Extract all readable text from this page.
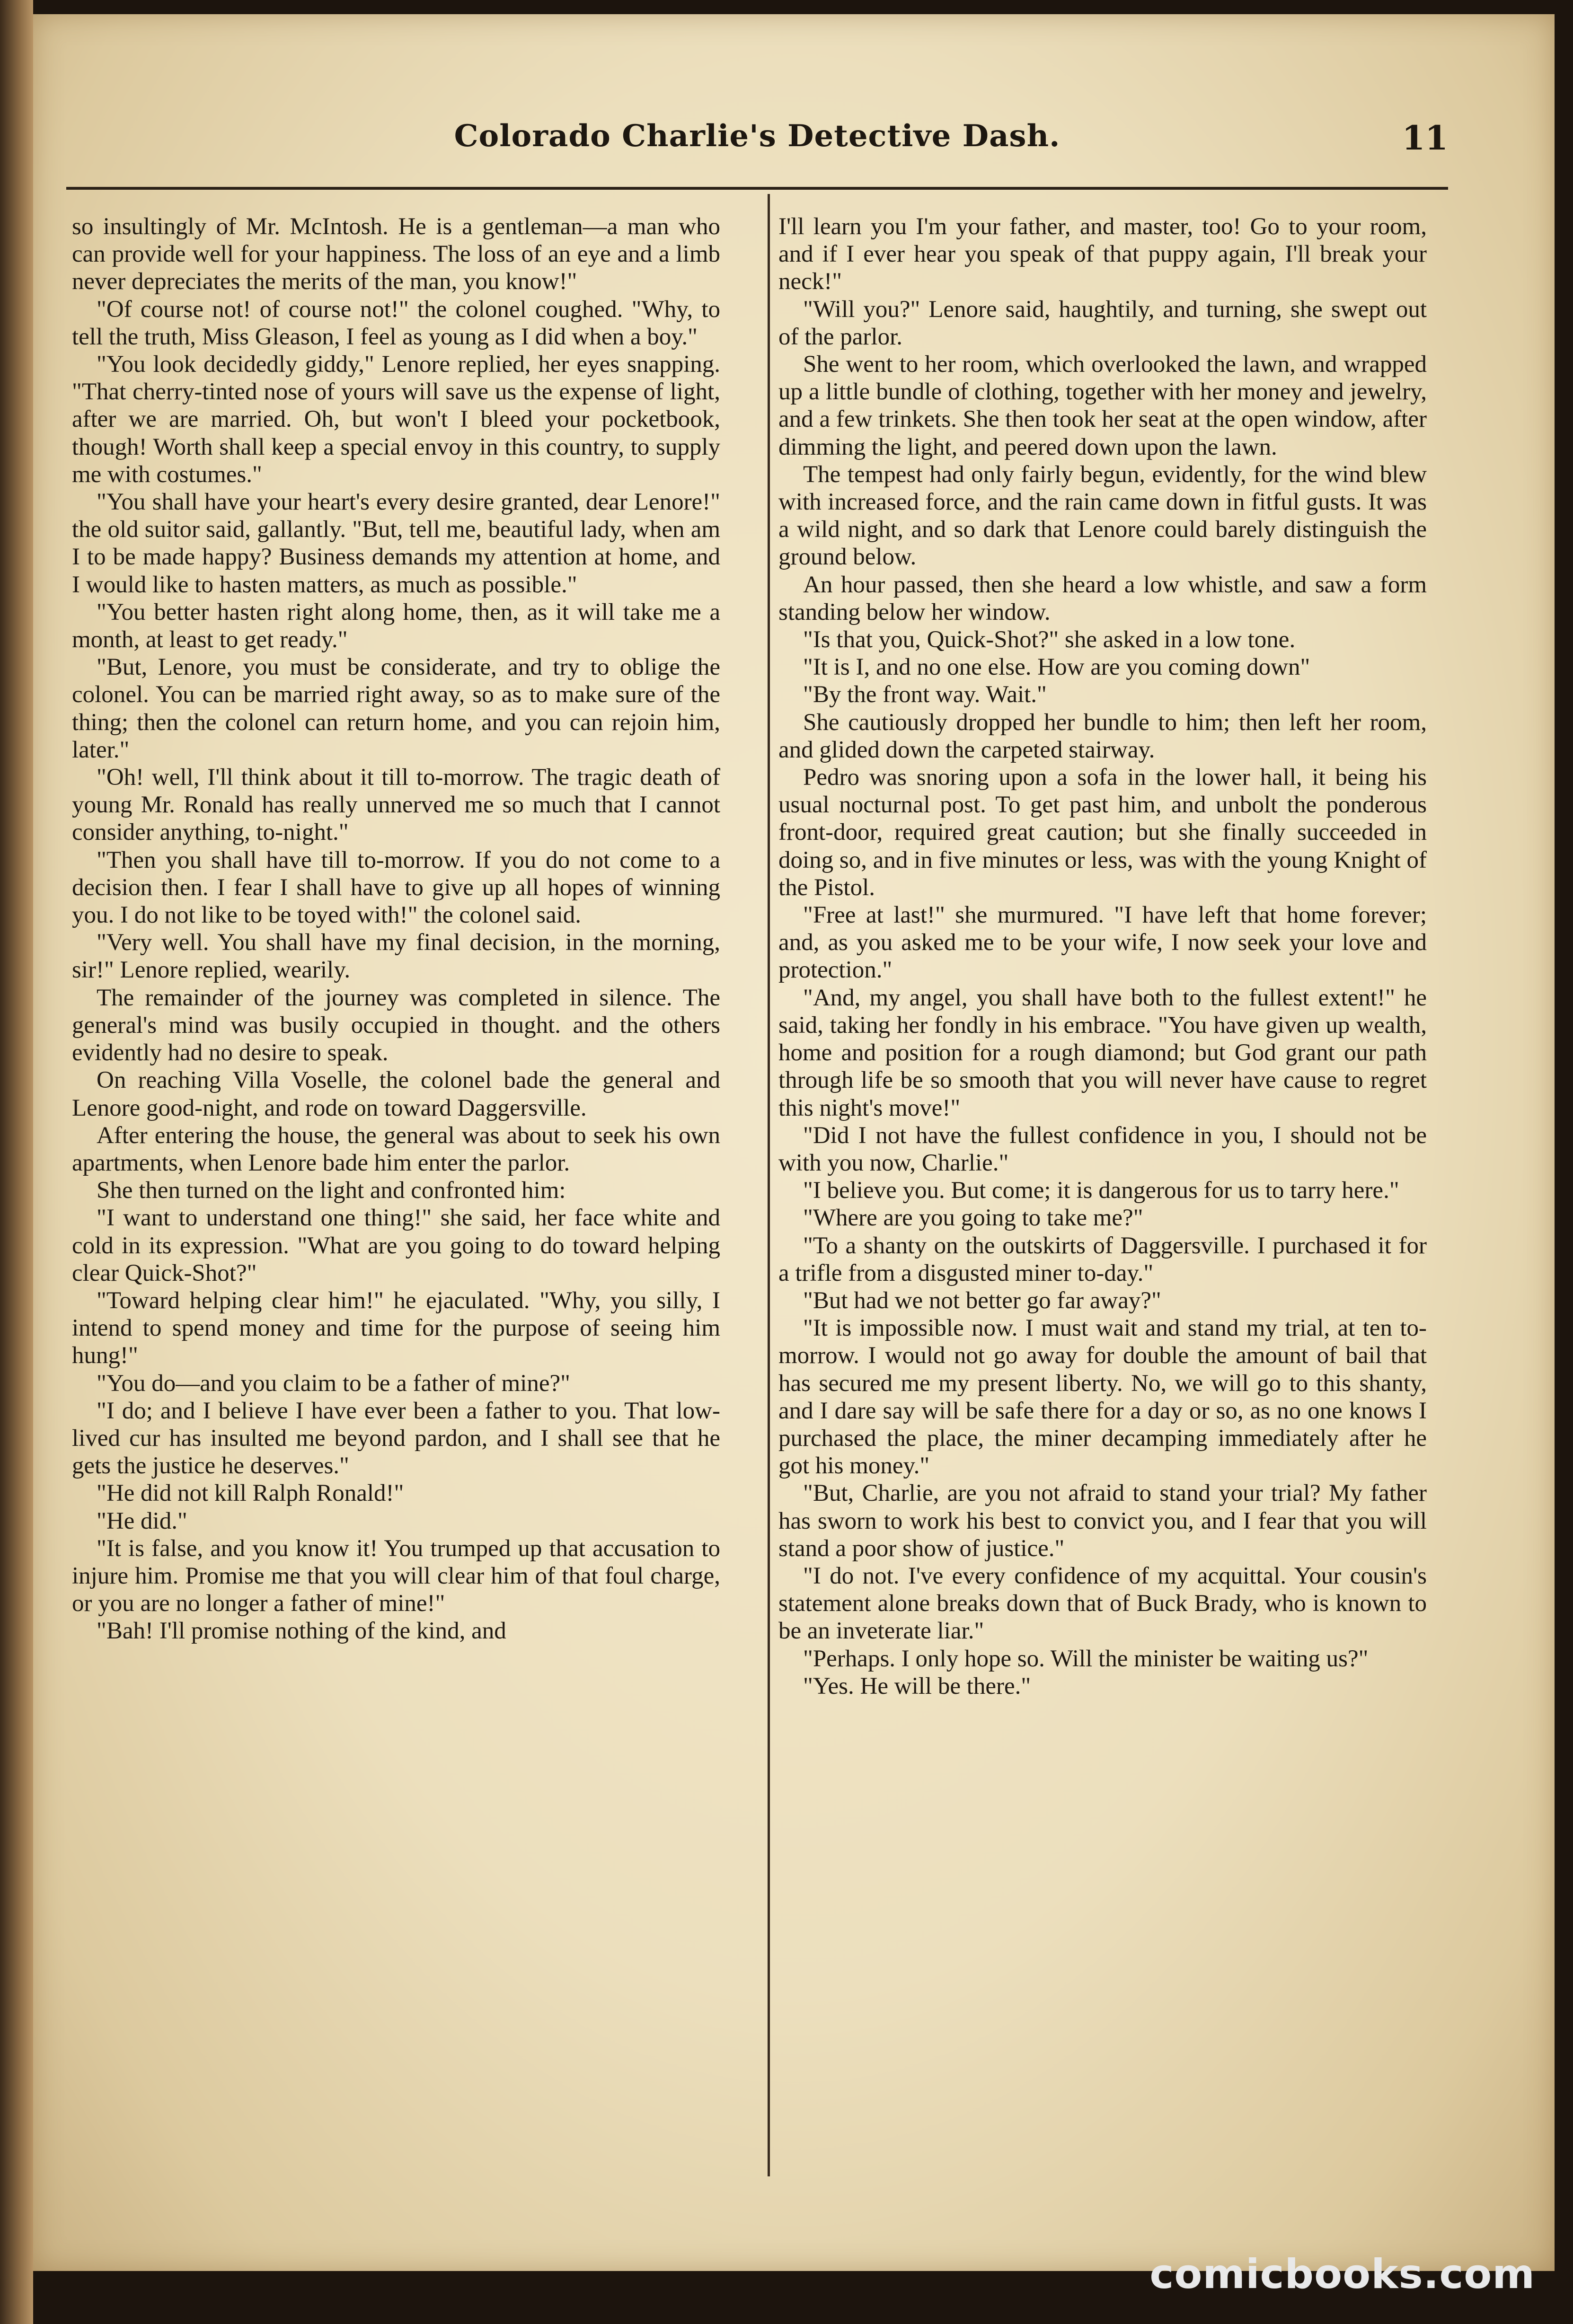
Colorado Charlie's Detective Dash.	11

so insultingly of Mr. McIntosh. He is a gentleman—a man who can provide well for your happiness. The loss of an eye and a limb never depreciates the merits of the man, you know!"

"Of course not! of course not!" the colonel coughed. "Why, to tell the truth, Miss Gleason, I feel as young as I did when a boy."

"You look decidedly giddy," Lenore replied, her eyes snapping. "That cherry-tinted nose of yours will save us the expense of light, after we are married. Oh, but won't I bleed your pocketbook, though! Worth shall keep a special envoy in this country, to supply me with costumes."

"You shall have your heart's every desire granted, dear Lenore!" the old suitor said, gallantly. "But, tell me, beautiful lady, when am I to be made happy? Business demands my attention at home, and I would like to hasten matters, as much as possible."

"You better hasten right along home, then, as it will take me a month, at least to get ready."

"But, Lenore, you must be considerate, and try to oblige the colonel. You can be married right away, so as to make sure of the thing; then the colonel can return home, and you can rejoin him, later."

"Oh! well, I'll think about it till to-morrow. The tragic death of young Mr. Ronald has really unnerved me so much that I cannot consider anything, to-night."

"Then you shall have till to-morrow. If you do not come to a decision then. I fear I shall have to give up all hopes of winning you. I do not like to be toyed with!" the colonel said.

"Very well. You shall have my final decision, in the morning, sir!" Lenore replied, wearily.

The remainder of the journey was completed in silence. The general's mind was busily occupied in thought. and the others evidently had no desire to speak.

On reaching Villa Voselle, the colonel bade the general and Lenore good-night, and rode on toward Daggersville.

After entering the house, the general was about to seek his own apartments, when Lenore bade him enter the parlor.

She then turned on the light and confronted him:

"I want to understand one thing!" she said, her face white and cold in its expression. "What are you going to do toward helping clear Quick-Shot?"

"Toward helping clear him!" he ejaculated. "Why, you silly, I intend to spend money and time for the purpose of seeing him hung!"

"You do—and you claim to be a father of mine?"

"I do; and I believe I have ever been a father to you. That low-lived cur has insulted me beyond pardon, and I shall see that he gets the justice he deserves."

"He did not kill Ralph Ronald!"

"He did."

"It is false, and you know it! You trumped up that accusation to injure him. Promise me that you will clear him of that foul charge, or you are no longer a father of mine!"

"Bah! I'll promise nothing of the kind, and

I'll learn you I'm your father, and master, too! Go to your room, and if I ever hear you speak of that puppy again, I'll break your neck!"

"Will you?" Lenore said, haughtily, and turning, she swept out of the parlor.

She went to her room, which overlooked the lawn, and wrapped up a little bundle of clothing, together with her money and jewelry, and a few trinkets. She then took her seat at the open window, after dimming the light, and peered down upon the lawn.

The tempest had only fairly begun, evidently, for the wind blew with increased force, and the rain came down in fitful gusts. It was a wild night, and so dark that Lenore could barely distinguish the ground below.

An hour passed, then she heard a low whistle, and saw a form standing below her window.

"Is that you, Quick-Shot?" she asked in a low tone.

"It is I, and no one else. How are you coming down"

"By the front way. Wait."

She cautiously dropped her bundle to him; then left her room, and glided down the carpeted stairway.

Pedro was snoring upon a sofa in the lower hall, it being his usual nocturnal post. To get past him, and unbolt the ponderous front-door, required great caution; but she finally succeeded in doing so, and in five minutes or less, was with the young Knight of the Pistol.

"Free at last!" she murmured. "I have left that home forever; and, as you asked me to be your wife, I now seek your love and protection."

"And, my angel, you shall have both to the fullest extent!" he said, taking her fondly in his embrace. "You have given up wealth, home and position for a rough diamond; but God grant our path through life be so smooth that you will never have cause to regret this night's move!"

"Did I not have the fullest confidence in you, I should not be with you now, Charlie."

"I believe you. But come; it is dangerous for us to tarry here."

"Where are you going to take me?"

"To a shanty on the outskirts of Daggersville. I purchased it for a trifle from a disgusted miner to-day."

"But had we not better go far away?"

"It is impossible now. I must wait and stand my trial, at ten to-morrow. I would not go away for double the amount of bail that has secured me my present liberty. No, we will go to this shanty, and I dare say will be safe there for a day or so, as no one knows I purchased the place, the miner decamping immediately after he got his money."

"But, Charlie, are you not afraid to stand your trial? My father has sworn to work his best to convict you, and I fear that you will stand a poor show of justice."

"I do not. I've every confidence of my acquittal. Your cousin's statement alone breaks down that of Buck Brady, who is known to be an inveterate liar."

"Perhaps. I only hope so. Will the minister be waiting us?"

"Yes. He will be there."

comicbooks.com
